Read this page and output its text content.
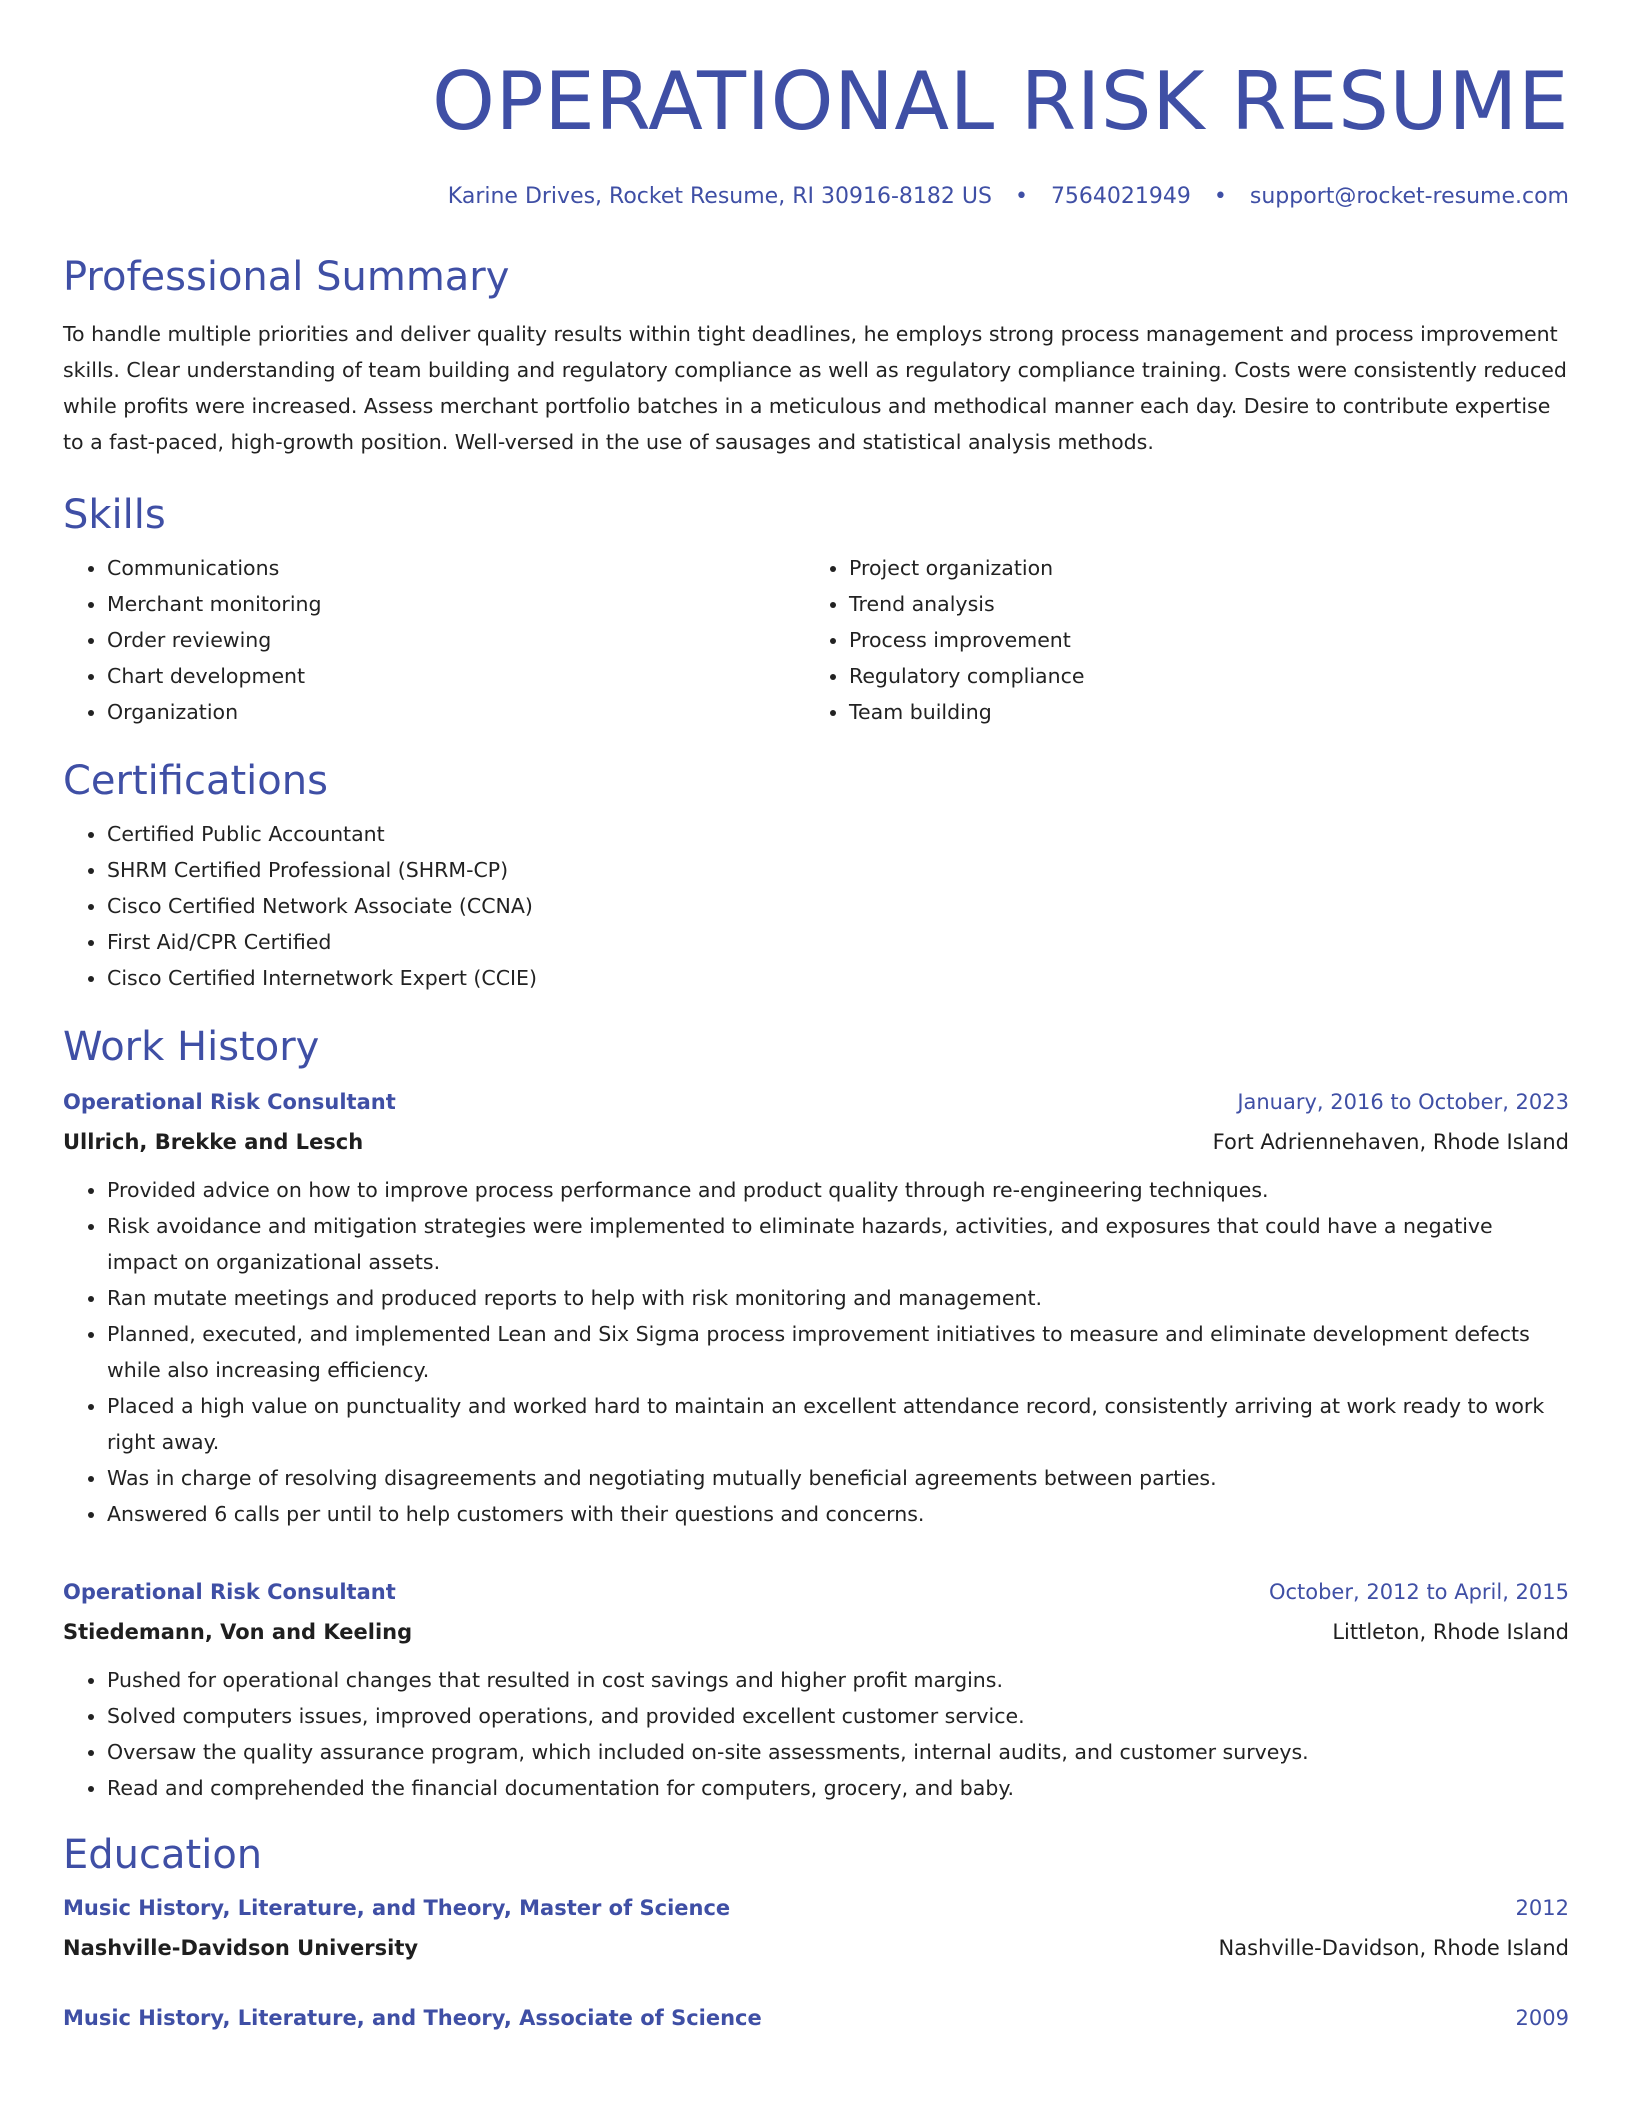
OPERATIONAL RISK RESUME
Karine Drives, Rocket Resume, RI 30916-8182 US • 7564021949 • support@rocket-resume.com
Professional Summary

To handle multiple priorities and deliver quality results within tight deadlines, he employs strong process management and process improvement skills. Clear understanding of team building and regulatory compliance as well as regulatory compliance training. Costs were consistently reduced while profits were increased. Assess merchant portfolio batches in a meticulous and methodical manner each day. Desire to contribute expertise to a fast-paced, high-growth position. Well-versed in the use of sausages and statistical analysis methods.

Skills
• Communications
• Merchant monitoring
• Order reviewing
• Chart development
• Organization
• Project organization
• Trend analysis
• Process improvement
• Regulatory compliance
• Team building
Certifications
• Certified Public Accountant
• SHRM Certified Professional (SHRM-CP)
• Cisco Certified Network Associate (CCNA)
• First Aid/CPR Certified
• Cisco Certified Internetwork Expert (CCIE)
Work History
Operational Risk Consultant	January, 2016 to October, 2023
Ullrich, Brekke and Lesch	Fort Adriennehaven, Rhode Island
• Provided advice on how to improve process performance and product quality through re-engineering techniques.
• Risk avoidance and mitigation strategies were implemented to eliminate hazards, activities, and exposures that could have a negative impact on organizational assets.
• Ran mutate meetings and produced reports to help with risk monitoring and management.
• Planned, executed, and implemented Lean and Six Sigma process improvement initiatives to measure and eliminate development defects while also increasing efficiency.
• Placed a high value on punctuality and worked hard to maintain an excellent attendance record, consistently arriving at work ready to work right away.
• Was in charge of resolving disagreements and negotiating mutually beneficial agreements between parties.
• Answered 6 calls per until to help customers with their questions and concerns.
Operational Risk Consultant	October, 2012 to April, 2015
Stiedemann, Von and Keeling	Littleton, Rhode Island
• Pushed for operational changes that resulted in cost savings and higher profit margins.
• Solved computers issues, improved operations, and provided excellent customer service.
• Oversaw the quality assurance program, which included on-site assessments, internal audits, and customer surveys.
• Read and comprehended the financial documentation for computers, grocery, and baby.
Education
Music History, Literature, and Theory, Master of Science	2012
Nashville-Davidson University	Nashville-Davidson, Rhode Island
Music History, Literature, and Theory, Associate of Science	2009
